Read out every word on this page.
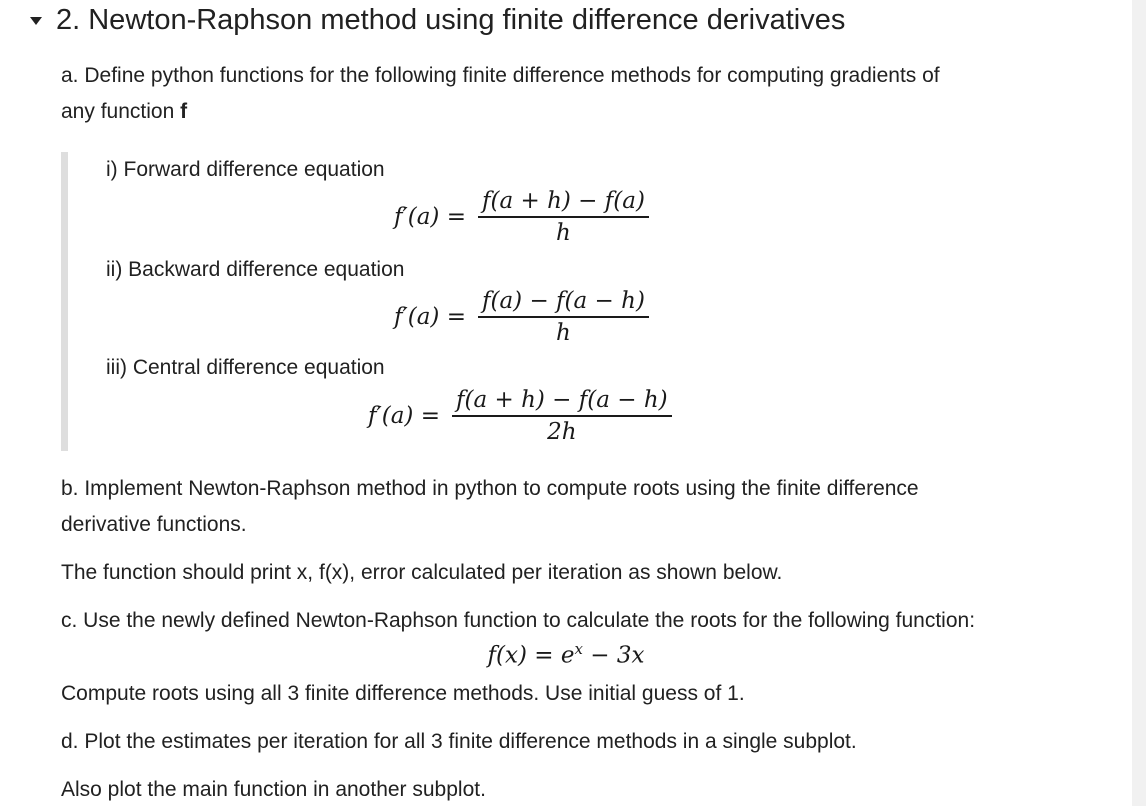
2. Newton-Raphson method using finite difference derivatives
a. Define python functions for the following finite difference methods for computing gradients of
any function f
i) Forward difference equation
$f'(a) = \frac{f(a + h) - f(a)}{h}$
ii) Backward difference equation
$f'(a) = \frac{f(a) - f(a - h)}{h}$
iii) Central difference equation
$f'(a) = \frac{f(a + h) - f(a - h)}{2h}$
b. Implement Newton-Raphson method in python to compute roots using the finite difference
derivative functions.
The function should print x, f(x), error calculated per iteration as shown below.
c. Use the newly defined Newton-Raphson function to calculate the roots for the following function:
$f(x) = e^x - 3x$
Compute roots using all 3 finite difference methods. Use initial guess of 1.
d. Plot the estimates per iteration for all 3 finite difference methods in a single subplot.
Also plot the main function in another subplot.
